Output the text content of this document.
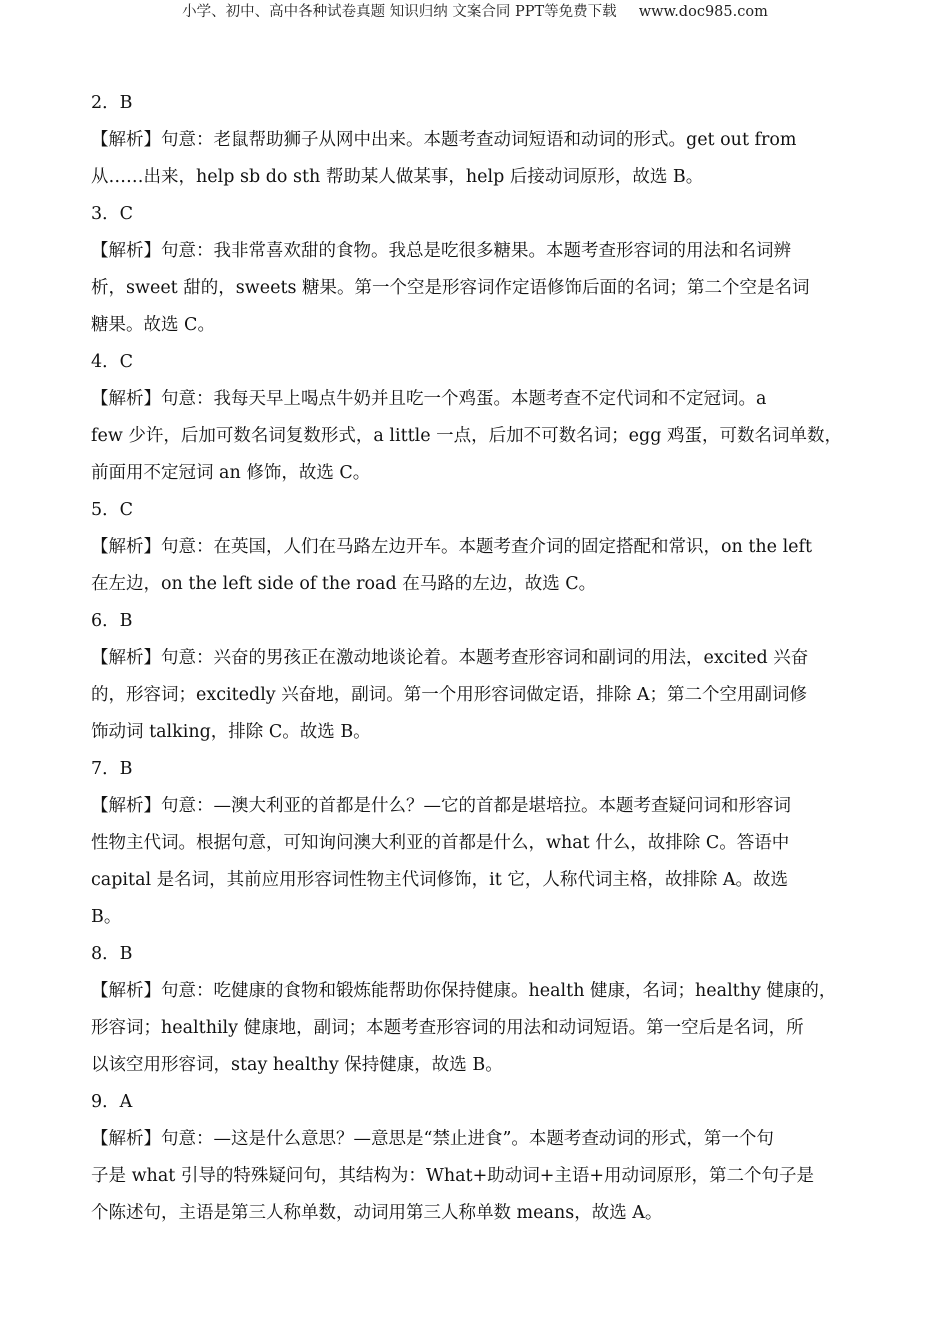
小学、初中、高中各种试卷真题 知识归纳 文案合同 PPT等免费下载 www.doc985.com
2．B
【解析】句意：老鼠帮助狮子从网中出来。本题考查动词短语和动词的形式。get out from
从……出来，help sb do sth 帮助某人做某事，help 后接动词原形，故选 B。
3．C
【解析】句意：我非常喜欢甜的食物。我总是吃很多糖果。本题考查形容词的用法和名词辨
析，sweet 甜的，sweets 糖果。第一个空是形容词作定语修饰后面的名词；第二个空是名词
糖果。故选 C。
4．C
【解析】句意：我每天早上喝点牛奶并且吃一个鸡蛋。本题考查不定代词和不定冠词。a
few 少许，后加可数名词复数形式，a little 一点，后加不可数名词；egg 鸡蛋，可数名词单数，
前面用不定冠词 an 修饰，故选 C。
5．C
【解析】句意：在英国，人们在马路左边开车。本题考查介词的固定搭配和常识，on the left
在左边，on the left side of the road 在马路的左边，故选 C。
6．B
【解析】句意：兴奋的男孩正在激动地谈论着。本题考查形容词和副词的用法，excited 兴奋
的，形容词；excitedly 兴奋地，副词。第一个用形容词做定语，排除 A；第二个空用副词修
饰动词 talking，排除 C。故选 B。
7．B
【解析】句意：—澳大利亚的首都是什么？—它的首都是堪培拉。本题考查疑问词和形容词
性物主代词。根据句意，可知询问澳大利亚的首都是什么，what 什么，故排除 C。答语中
capital 是名词，其前应用形容词性物主代词修饰，it 它，人称代词主格，故排除 A。故选
B。
8．B
【解析】句意：吃健康的食物和锻炼能帮助你保持健康。health 健康，名词；healthy 健康的，
形容词；healthily 健康地，副词；本题考查形容词的用法和动词短语。第一空后是名词，所
以该空用形容词，stay healthy 保持健康，故选 B。
9．A
【解析】句意：—这是什么意思？—意思是“禁止进食”。本题考查动词的形式，第一个句
子是 what 引导的特殊疑问句，其结构为：What+助动词+主语+用动词原形，第二个句子是
个陈述句，主语是第三人称单数，动词用第三人称单数 means，故选 A。
